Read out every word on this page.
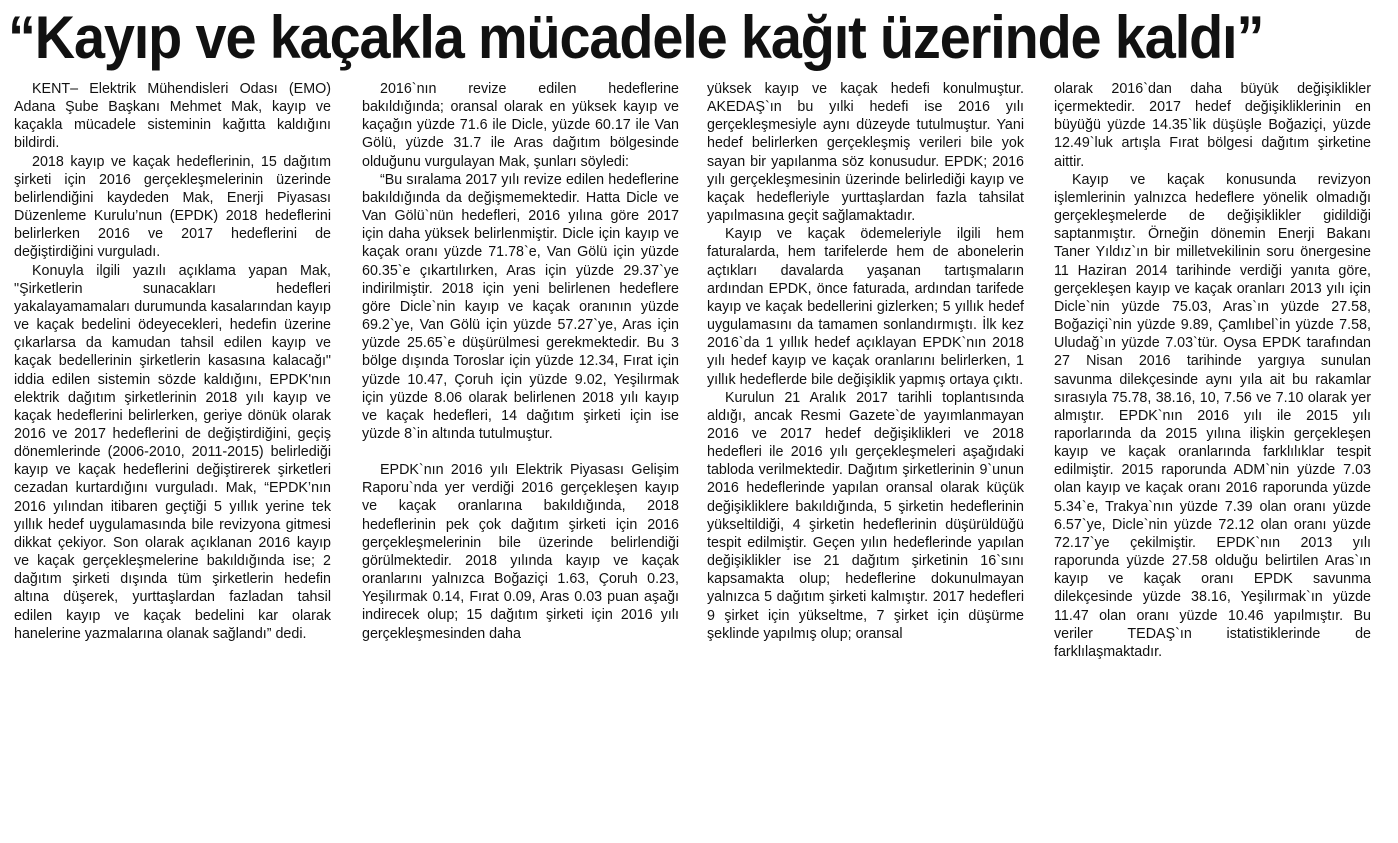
“Kayıp ve kaçakla mücadele kağıt üzerinde kaldı”

KENT– Elektrik Mühendisleri Odası (EMO) Adana Şube Başkanı Mehmet Mak, kayıp ve kaçakla mücadele sisteminin kağıtta kaldığını bildirdi.

2018 kayıp ve kaçak hedeflerinin, 15 dağıtım şirketi için 2016 gerçekleşmelerinin üzerinde belirlendiğini kaydeden Mak, Enerji Piyasası Düzenleme Kurulu’nun (EPDK) 2018 hedeflerini belirlerken 2016 ve 2017 hedeflerini de değiştirdiğini vurguladı.

Konuyla ilgili yazılı açıklama yapan Mak, "Şirketlerin sunacakları hedefleri yakalayamamaları durumunda kasalarından kayıp ve kaçak bedelini ödeyecekleri, hedefin üzerine çıkarlarsa da kamudan tahsil edilen kayıp ve kaçak bedellerinin şirketlerin kasasına kalacağı" iddia edilen sistemin sözde kaldığını, EPDK'nın elektrik dağıtım şirketlerinin 2018 yılı kayıp ve kaçak hedeflerini belirlerken, geriye dönük olarak 2016 ve 2017 hedeflerini de değiştirdiğini, geçiş dönemlerinde (2006-2010, 2011-2015) belirlediği kayıp ve kaçak hedeflerini değiştirerek şirketleri cezadan kurtardığını vurguladı. Mak, “EPDK’nın 2016 yılından itibaren geçtiği 5 yıllık yerine tek yıllık hedef uygulamasında bile revizyona gitmesi dikkat çekiyor. Son olarak açıklanan 2016 kayıp ve kaçak gerçekleşmelerine bakıldığında ise; 2 dağıtım şirketi dışında tüm şirketlerin hedefin altına düşerek, yurttaşlardan fazladan tahsil edilen kayıp ve kaçak bedelini kar olarak hanelerine yazmalarına olanak sağlandı” dedi.

2016`nın revize edilen hedeflerine bakıldığında; oransal olarak en yüksek kayıp ve kaçağın yüzde 71.6 ile Dicle, yüzde 60.17 ile Van Gölü, yüzde 31.7 ile Aras dağıtım bölgesinde olduğunu vurgulayan Mak, şunları söyledi:

“Bu sıralama 2017 yılı revize edilen hedeflerine bakıldığında da değişmemektedir. Hatta Dicle ve Van Gölü`nün hedefleri, 2016 yılına göre 2017 için daha yüksek belirlenmiştir. Dicle için kayıp ve kaçak oranı yüzde 71.78`e, Van Gölü için yüzde 60.35`e çıkartılırken, Aras için yüzde 29.37`ye indirilmiştir. 2018 için yeni belirlenen hedeflere göre Dicle`nin kayıp ve kaçak oranının yüzde 69.2`ye, Van Gölü için yüzde 57.27`ye, Aras için yüzde 25.65`e düşürülmesi gerekmektedir. Bu 3 bölge dışında Toroslar için yüzde 12.34, Fırat için yüzde 10.47, Çoruh için yüzde 9.02, Yeşilırmak için yüzde 8.06 olarak belirlenen 2018 yılı kayıp ve kaçak hedefleri, 14 dağıtım şirketi için ise yüzde 8`in altında tutulmuştur.

EPDK`nın 2016 yılı Elektrik Piyasası Gelişim Raporu`nda yer verdiği 2016 gerçekleşen kayıp ve kaçak oranlarına bakıldığında, 2018 hedeflerinin pek çok dağıtım şirketi için 2016 gerçekleşmelerinin bile üzerinde belirlendiği görülmektedir. 2018 yılında kayıp ve kaçak oranlarını yalnızca Boğaziçi 1.63, Çoruh 0.23, Yeşilırmak 0.14, Fırat 0.09, Aras 0.03 puan aşağı indirecek olup; 15 dağıtım şirketi için 2016 yılı gerçekleşmesinden daha

yüksek kayıp ve kaçak hedefi konulmuştur. AKEDAŞ`ın bu yılki hedefi ise 2016 yılı gerçekleşmesiyle aynı düzeyde tutulmuştur. Yani hedef belirlerken gerçekleşmiş verileri bile yok sayan bir yapılanma söz konusudur. EPDK; 2016 yılı gerçekleşmesinin üzerinde belirlediği kayıp ve kaçak hedefleriyle yurttaşlardan fazla tahsilat yapılmasına geçit sağlamaktadır.

Kayıp ve kaçak ödemeleriyle ilgili hem faturalarda, hem tarifelerde hem de abonelerin açtıkları davalarda yaşanan tartışmaların ardından EPDK, önce faturada, ardından tarifede kayıp ve kaçak bedellerini gizlerken; 5 yıllık hedef uygulamasını da tamamen sonlandırmıştı. İlk kez 2016`da 1 yıllık hedef açıklayan EPDK`nın 2018 yılı hedef kayıp ve kaçak oranlarını belirlerken, 1 yıllık hedeflerde bile değişiklik yapmış ortaya çıktı.

Kurulun 21 Aralık 2017 tarihli toplantısında aldığı, ancak Resmi Gazete`de yayımlanmayan 2016 ve 2017 hedef değişiklikleri ve 2018 hedefleri ile 2016 yılı gerçekleşmeleri aşağıdaki tabloda verilmektedir. Dağıtım şirketlerinin 9`unun 2016 hedeflerinde yapılan oransal olarak küçük değişikliklere bakıldığında, 5 şirketin hedeflerinin yükseltildiği, 4 şirketin hedeflerinin düşürüldüğü tespit edilmiştir. Geçen yılın hedeflerinde yapılan değişiklikler ise 21 dağıtım şirketinin 16`sını kapsamakta olup; hedeflerine dokunulmayan yalnızca 5 dağıtım şirketi kalmıştır. 2017 hedefleri 9 şirket için yükseltme, 7 şirket için düşürme şeklinde yapılmış olup; oransal

olarak 2016`dan daha büyük değişiklikler içermektedir. 2017 hedef değişikliklerinin en büyüğü yüzde 14.35`lik düşüşle Boğaziçi, yüzde 12.49`luk artışla Fırat bölgesi dağıtım şirketine aittir.

Kayıp ve kaçak konusunda revizyon işlemlerinin yalnızca hedeflere yönelik olmadığı gerçekleşmelerde de değişiklikler gidildiği saptanmıştır. Örneğin dönemin Enerji Bakanı Taner Yıldız`ın bir milletvekilinin soru önergesine 11 Haziran 2014 tarihinde verdiği yanıta göre, gerçekleşen kayıp ve kaçak oranları 2013 yılı için Dicle`nin yüzde 75.03, Aras`ın yüzde 27.58, Boğaziçi`nin yüzde 9.89, Çamlıbel`in yüzde 7.58, Uludağ`ın yüzde 7.03`tür. Oysa EPDK tarafından 27 Nisan 2016 tarihinde yargıya sunulan savunma dilekçesinde aynı yıla ait bu rakamlar sırasıyla 75.78, 38.16, 10, 7.56 ve 7.10 olarak yer almıştır. EPDK`nın 2016 yılı ile 2015 yılı raporlarında da 2015 yılına ilişkin gerçekleşen kayıp ve kaçak oranlarında farklılıklar tespit edilmiştir. 2015 raporunda ADM`nin yüzde 7.03 olan kayıp ve kaçak oranı 2016 raporunda yüzde 5.34`e, Trakya`nın yüzde 7.39 olan oranı yüzde 6.57`ye, Dicle`nin yüzde 72.12 olan oranı yüzde 72.17`ye çekilmiştir. EPDK`nın 2013 yılı raporunda yüzde 27.58 olduğu belirtilen Aras`ın kayıp ve kaçak oranı EPDK savunma dilekçesinde yüzde 38.16, Yeşilırmak`ın yüzde 11.47 olan oranı yüzde 10.46 yapılmıştır. Bu veriler TEDAŞ`ın istatistiklerinde de farklılaşmaktadır.
